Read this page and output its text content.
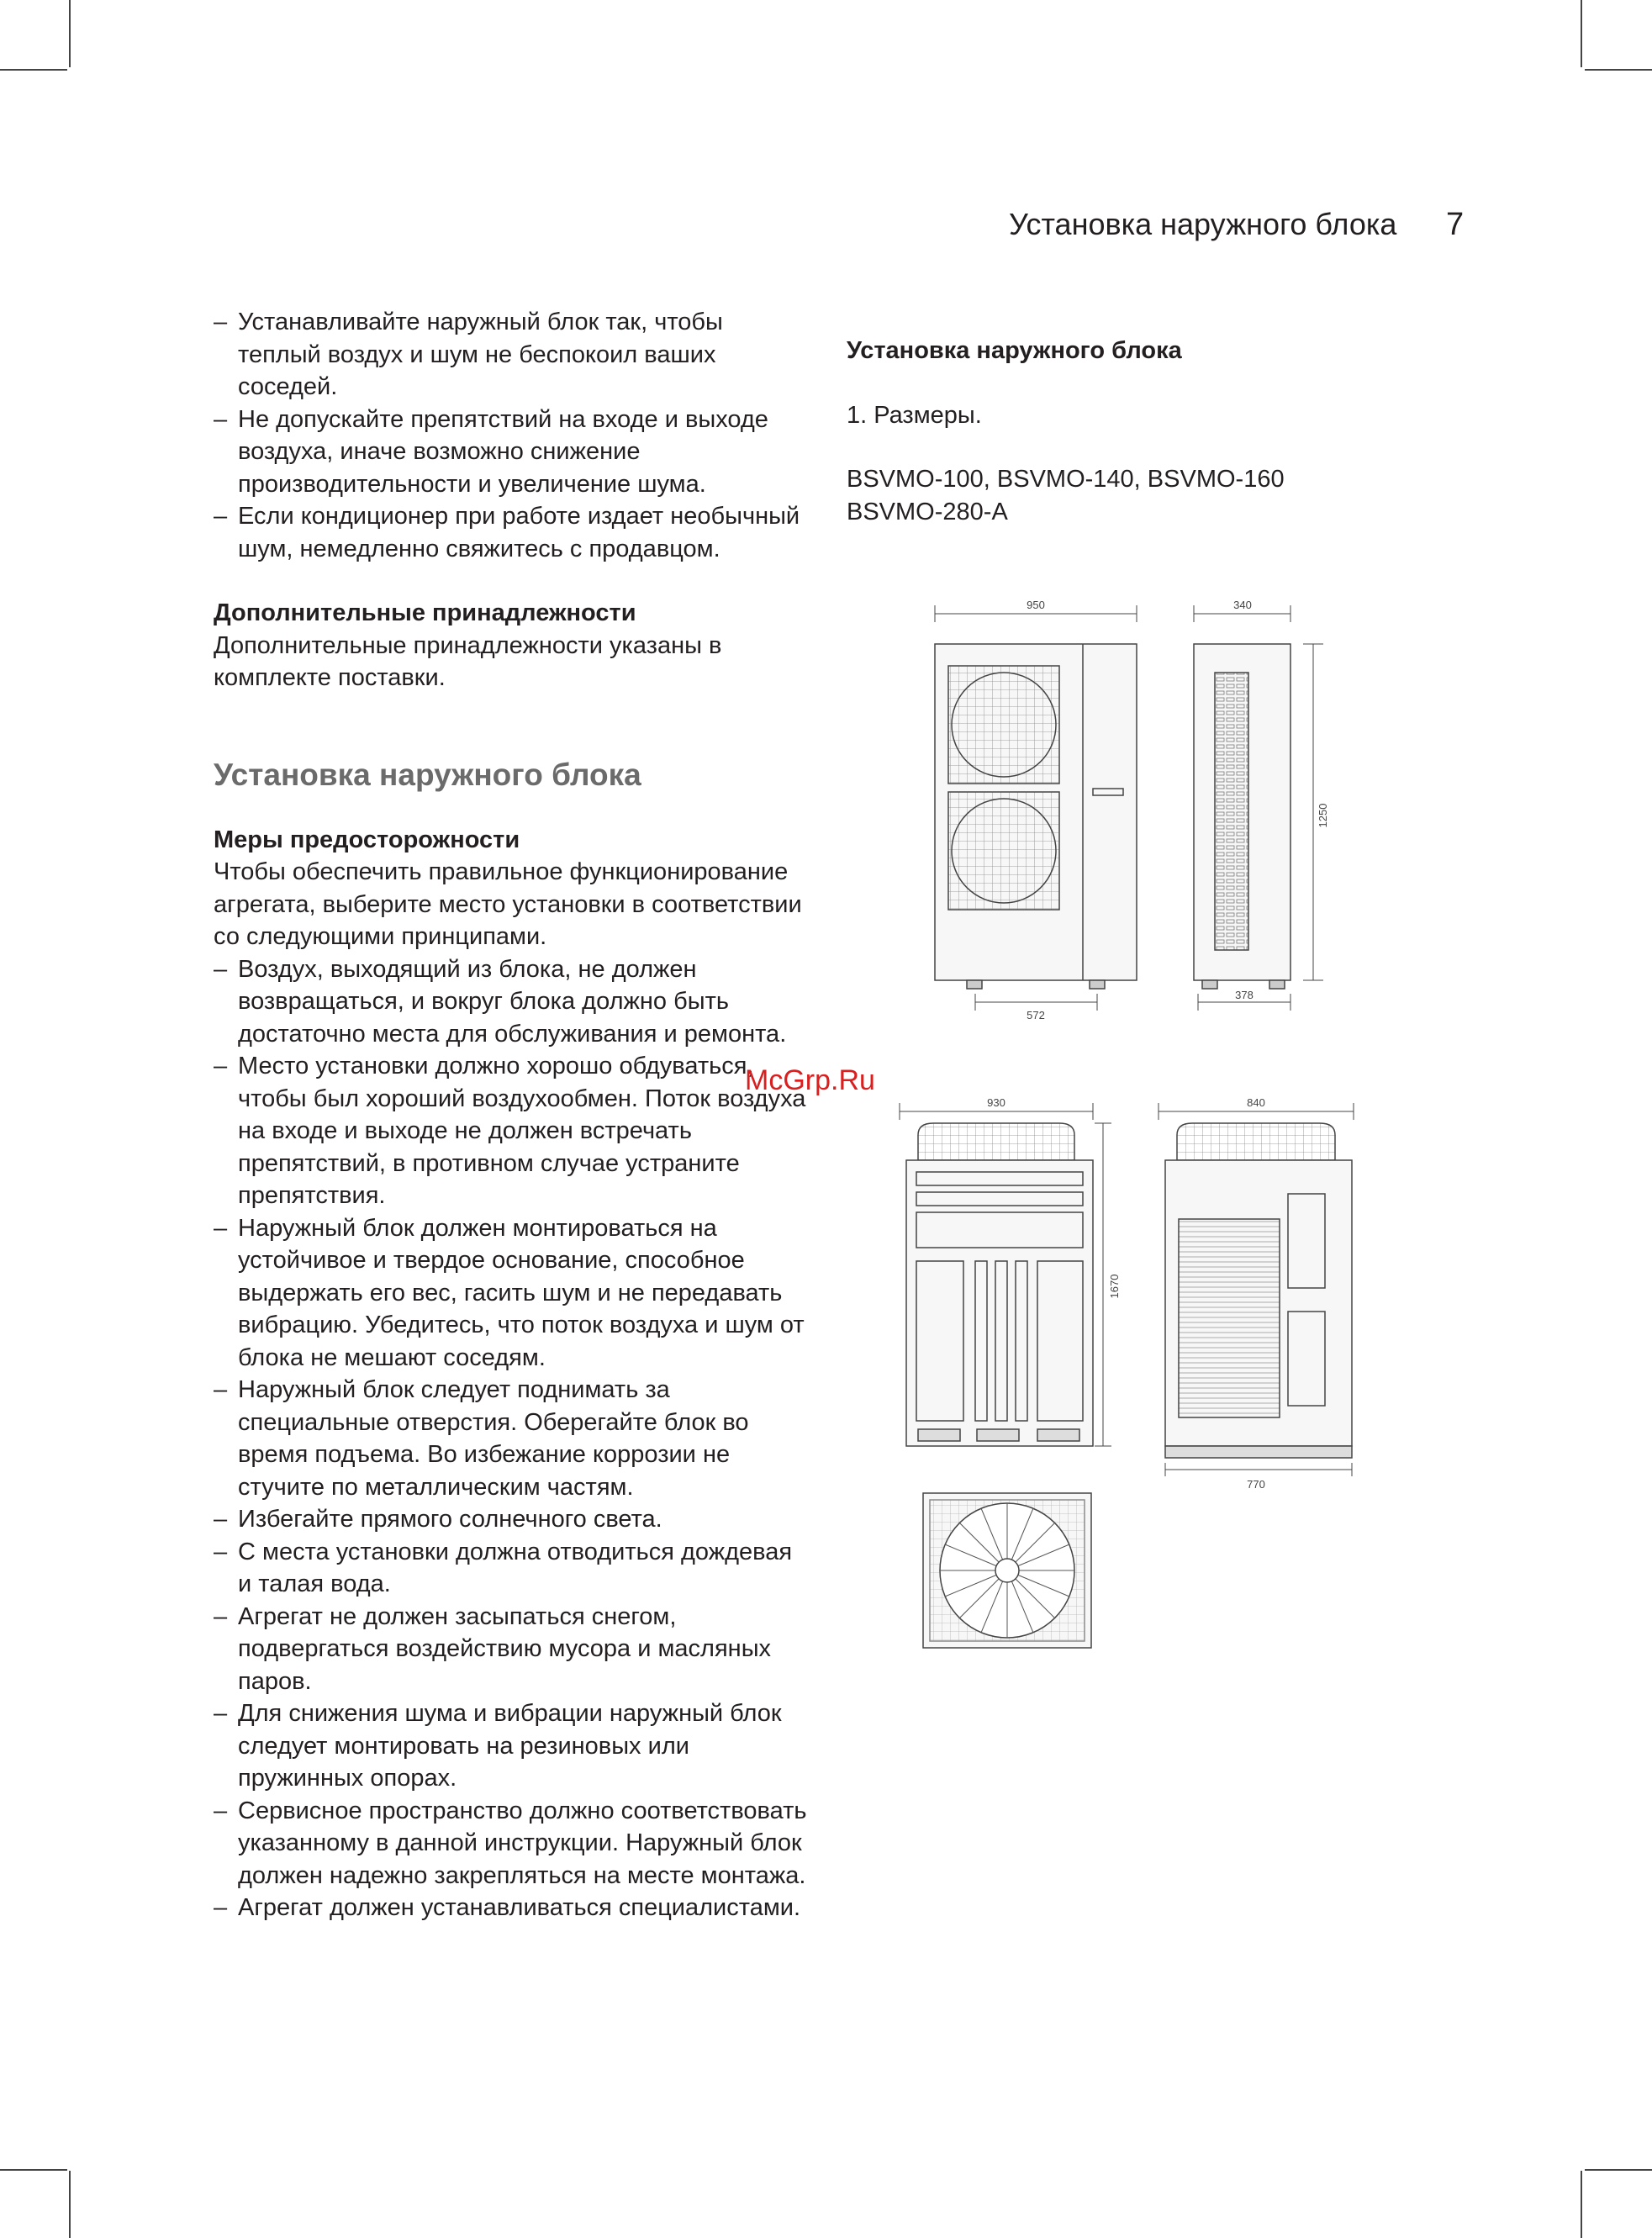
Установка наружного блока 7
– Устанавливайте наружный блок так, чтобы теплый воздух и шум не беспокоил ваших соседей.
– Не допускайте препятствий на входе и выходе воздуха, иначе возможно снижение производительности и увеличение шума.
– Если кондиционер при работе издает необычный шум, немедленно свяжитесь с продавцом.
Дополнительные принадлежности
Дополнительные принадлежности указаны в комплекте поставки.
Установка наружного блока
Меры предосторожности
Чтобы обеспечить правильное функционирование агрегата, выберите место установки в соответствии со следующими принципами.
– Воздух, выходящий из блока, не должен возвращаться, и вокруг блока должно быть достаточно места для обслуживания и ремонта.
– Место установки должно хорошо обдуваться, чтобы был хороший воздухообмен. Поток воздуха на входе и выходе не должен встречать препятствий, в противном случае устраните препятствия.
– Наружный блок должен монтироваться на устойчивое и твердое основание, способное выдержать его вес, гасить шум и не передавать вибрацию. Убедитесь, что поток воздуха и шум от блока не мешают соседям.
– Наружный блок следует поднимать за специальные отверстия. Оберегайте блок во время подъема. Во избежание коррозии не стучите по металлическим частям.
– Избегайте прямого солнечного света.
– С места установки должна отводиться дождевая и талая вода.
– Агрегат не должен засыпаться снегом, подвергаться воздействию мусора и масляных паров.
– Для снижения шума и вибрации наружный блок следует монтировать на резиновых или пружинных опорах.
– Сервисное пространство должно соответствовать указанному в данной инструкции. Наружный блок должен надежно закрепляться на месте монтажа.
– Агрегат должен устанавливаться специалистами.
Установка наружного блока
1. Размеры.
BSVMO-100, BSVMO-140, BSVMO-160
BSVMO-280-A
950
572
340
1250
378
930
1670
840
770
McGrp.Ru
